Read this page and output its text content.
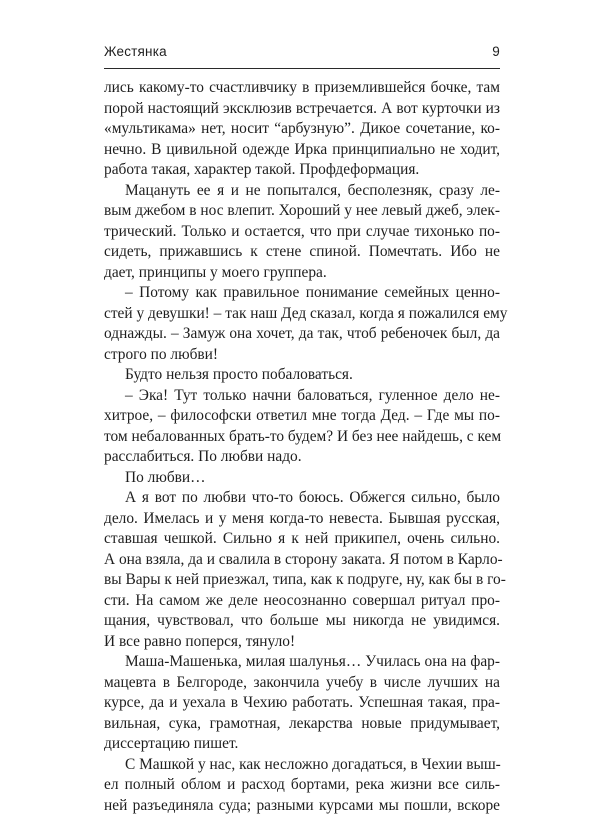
Жестянка	9
лись какому-то счастливчику в приземлившейся бочке, там
порой настоящий эксклюзив встречается. А вот курточки из
«мультикама» нет, носит “арбузную”. Дикое сочетание, ко-
нечно. В цивильной одежде Ирка принципиально не ходит,
работа такая, характер такой. Профдеформация.
Мацануть ее я и не попытался, бесполезняк, сразу ле-
вым джебом в нос влепит. Хороший у нее левый джеб, элек-
трический. Только и остается, что при случае тихонько по-
сидеть, прижавшись к стене спиной. Помечтать. Ибо не
дает, принципы у моего группера.
– Потому как правильное понимание семейных ценно-
стей у девушки! – так наш Дед сказал, когда я пожалился ему
однажды. – Замуж она хочет, да так, чтоб ребеночек был, да
строго по любви!
Будто нельзя просто побаловаться.
– Эка! Тут только начни баловаться, гуленное дело не-
хитрое, – философски ответил мне тогда Дед. – Где мы по-
том небалованных брать-то будем? И без нее найдешь, с кем
расслабиться. По любви надо.
По любви…
А я вот по любви что-то боюсь. Обжегся сильно, было
дело. Имелась и у меня когда-то невеста. Бывшая русская,
ставшая чешкой. Сильно я к ней прикипел, очень сильно.
А она взяла, да и свалила в сторону заката. Я потом в Карло-
вы Вары к ней приезжал, типа, как к подруге, ну, как бы в го-
сти. На самом же деле неосознанно совершал ритуал про-
щания, чувствовал, что больше мы никогда не увидимся.
И все равно поперся, тянуло!
Маша-Машенька, милая шалунья… Училась она на фар-
мацевта в Белгороде, закончила учебу в числе лучших на
курсе, да и уехала в Чехию работать. Успешная такая, пра-
вильная, сука, грамотная, лекарства новые придумывает,
диссертацию пишет.
С Машкой у нас, как несложно догадаться, в Чехии выш-
ел полный облом и расход бортами, река жизни все силь-
ней разъединяла суда; разными курсами мы пошли, вскоре
